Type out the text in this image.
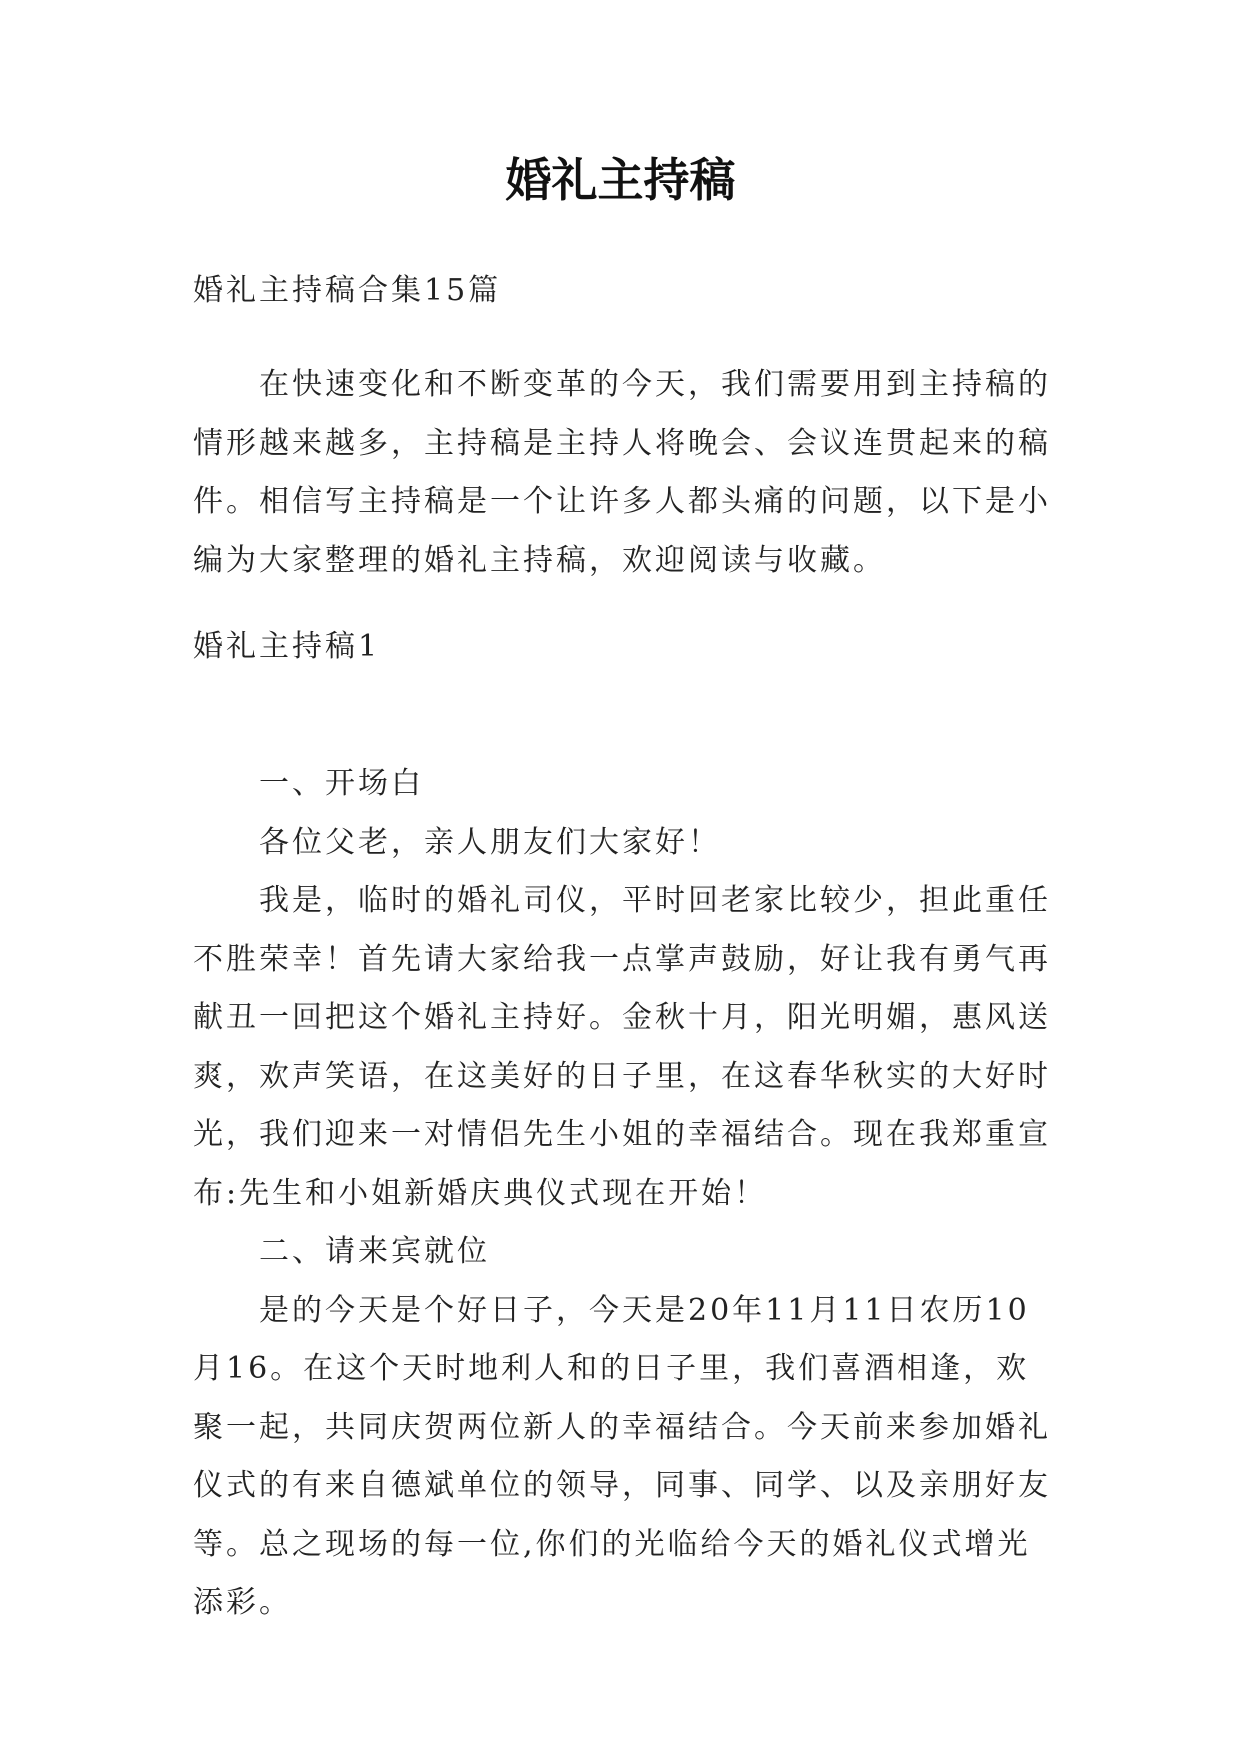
婚礼主持稿

婚礼主持稿合集15篇

在快速变化和不断变革的今天，我们需要用到主持稿的情形越来越多，主持稿是主持人将晚会、会议连贯起来的稿件。相信写主持稿是一个让许多人都头痛的问题，以下是小编为大家整理的婚礼主持稿，欢迎阅读与收藏。

婚礼主持稿1

一、开场白

各位父老，亲人朋友们大家好！

我是，临时的婚礼司仪，平时回老家比较少，担此重任不胜荣幸！首先请大家给我一点掌声鼓励，好让我有勇气再献丑一回把这个婚礼主持好。金秋十月，阳光明媚，惠风送爽，欢声笑语，在这美好的日子里，在这春华秋实的大好时光，我们迎来一对情侣先生小姐的幸福结合。现在我郑重宣布:先生和小姐新婚庆典仪式现在开始！

二、请来宾就位

是的今天是个好日子，今天是20年11月11日农历10月16。在这个天时地利人和的日子里，我们喜酒相逢，欢聚一起，共同庆贺两位新人的幸福结合。今天前来参加婚礼仪式的有来自德斌单位的领导，同事、同学、以及亲朋好友等。总之现场的每一位,你们的光临给今天的婚礼仪式增光添彩。
